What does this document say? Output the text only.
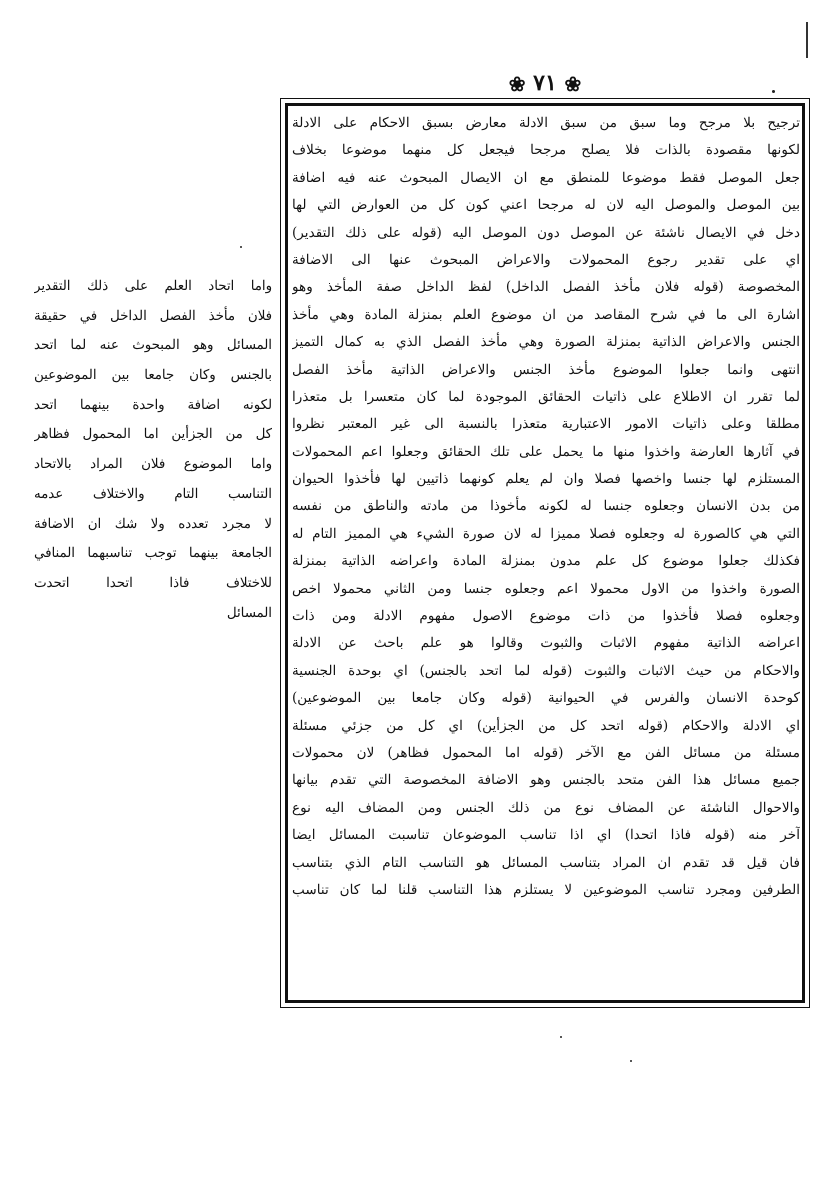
❀ ٧١ ❀
ترجيح بلا مرجح وما سبق من سبق الادلة معارض بسبق الاحكام على الادلة
لكونها مقصودة بالذات فلا يصلح مرجحا فيجعل كل منهما موضوعا بخلاف
جعل الموصل فقط موضوعا للمنطق مع ان الايصال المبحوث عنه فيه اضافة
بين الموصل والموصل اليه لان له مرجحا اعني كون كل من العوارض التي لها
دخل في الايصال ناشئة عن الموصل دون الموصل اليه (قوله على ذلك التقدير)
اي على تقدير رجوع المحمولات والاعراض المبحوث عنها الى الاضافة
المخصوصة (قوله فلان مأخذ الفصل الداخل) لفظ الداخل صفة المأخذ وهو
اشارة الى ما في شرح المقاصد من ان موضوع العلم بمنزلة المادة وهي مأخذ
الجنس والاعراض الذاتية بمنزلة الصورة وهي مأخذ الفصل الذي به كمال التميز
انتهى وانما جعلوا الموضوع مأخذ الجنس والاعراض الذاتية مأخذ الفصل
لما تقرر ان الاطلاع على ذاتيات الحقائق الموجودة لما كان متعسرا بل متعذرا
مطلقا وعلى ذاتيات الامور الاعتبارية متعذرا بالنسبة الى غير المعتبر نظروا
في آثارها العارضة واخذوا منها ما يحمل على تلك الحقائق وجعلوا اعم المحمولات
المستلزم لها جنسا واخصها فصلا وان لم يعلم كونهما ذاتيين لها فأخذوا الحيوان
من بدن الانسان وجعلوه جنسا له لكونه مأخوذا من مادته والناطق من نفسه
التي هي كالصورة له وجعلوه فصلا مميزا له لان صورة الشيء هي المميز التام له
فكذلك جعلوا موضوع كل علم مدون بمنزلة المادة واعراضه الذاتية بمنزلة
الصورة واخذوا من الاول محمولا اعم وجعلوه جنسا ومن الثاني محمولا اخص
وجعلوه فصلا فأخذوا من ذات موضوع الاصول مفهوم الادلة ومن ذات
اعراضه الذاتية مفهوم الاثبات والثبوت وقالوا هو علم باحث عن الادلة
والاحكام من حيث الاثبات والثبوت (قوله لما اتحد بالجنس) اي بوحدة الجنسية
كوحدة الانسان والفرس في الحيوانية (قوله وكان جامعا بين الموضوعين)
اي الادلة والاحكام (قوله اتحد كل من الجزأين) اي كل من جزئي مسئلة
مسئلة من مسائل الفن مع الآخر (قوله اما المحمول فظاهر) لان محمولات
جميع مسائل هذا الفن متحد بالجنس وهو الاضافة المخصوصة التي تقدم بيانها
والاحوال الناشئة عن المضاف نوع من ذلك الجنس ومن المضاف اليه نوع
آخر منه (قوله فاذا اتحدا) اي اذا تناسب الموضوعان تناسبت المسائل ايضا
فان قيل قد تقدم ان المراد بتناسب المسائل هو التناسب التام الذي بتناسب
الطرفين ومجرد تناسب الموضوعين لا يستلزم هذا التناسب قلنا لما كان تناسب
واما اتحاد العلم على ذلك التقدير
فلان مأخذ الفصل الداخل في حقيقة
المسائل وهو المبحوث عنه لما اتحد
بالجنس وكان جامعا بين الموضوعين
لكونه اضافة واحدة بينهما اتحد
كل من الجزأين اما المحمول فظاهر
واما الموضوع فلان المراد بالاتحاد
التناسب التام والاختلاف عدمه
لا مجرد تعدده ولا شك ان الاضافة
الجامعة بينهما توجب تناسبهما المنافي
للاختلاف فاذا اتحدا اتحدت
المسائل
